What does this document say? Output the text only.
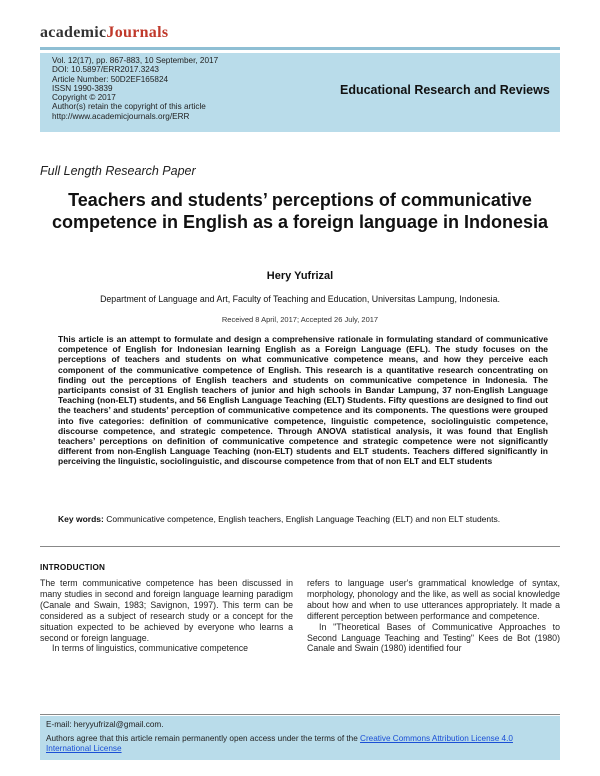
academicJournals
Vol. 12(17), pp. 867-883, 10 September, 2017
DOI: 10.5897/ERR2017.3243
Article Number: 50D2EF165824
ISSN 1990-3839
Copyright © 2017
Author(s) retain the copyright of this article
http://www.academicjournals.org/ERR
Educational Research and Reviews
Full Length Research Paper
Teachers and students’ perceptions of communicative competence in English as a foreign language in Indonesia
Hery Yufrizal
Department of Language and Art, Faculty of Teaching and Education, Universitas Lampung, Indonesia.
Received 8 April, 2017; Accepted 26 July, 2017
This article is an attempt to formulate and design a comprehensive rationale in formulating standard of communicative competence of English for Indonesian learning English as a Foreign Language (EFL). The study focuses on the perceptions of teachers and students on what communicative competence means, and how they perceive each component of the communicative competence of English. This research is a quantitative research concentrating on finding out the perceptions of English teachers and students on communicative competence in Indonesia. The participants consist of 31 English teachers of junior and high schools in Bandar Lampung, 37 non-English Language Teaching (non-ELT) students, and 56 English Language Teaching (ELT) Students. Fifty questions are designed to find out the teachers’ and students’ perception of communicative competence and its components. The questions were grouped into five categories: definition of communicative competence, linguistic competence, sociolinguistic competence, discourse competence, and strategic competence. Through ANOVA statistical analysis, it was found that English teachers’ perceptions on definition of communicative competence and strategic competence were not significantly different from non-English Language Teaching (non-ELT) students and ELT students. Teachers differed significantly in perceiving the linguistic, sociolinguistic, and discourse competence from that of non ELT and ELT students
Key words: Communicative competence, English teachers, English Language Teaching (ELT) and non ELT students.
INTRODUCTION
The term communicative competence has been discussed in many studies in second and foreign language learning paradigm (Canale and Swain, 1983; Savignon, 1997). This term can be considered as a subject of research study or a concept for the situation expected to be achieved by everyone who learns a second or foreign language.
In terms of linguistics, communicative competence
refers to language user's grammatical knowledge of syntax, morphology, phonology and the like, as well as social knowledge about how and when to use utterances appropriately. It made a different perception between performance and competence.
In "Theoretical Bases of Communicative Approaches to Second Language Teaching and Testing" Kees de Bot (1980) Canale and Swain (1980) identified four
E-mail: heryyufrizal@gmail.com.
Authors agree that this article remain permanently open access under the terms of the Creative Commons Attribution License 4.0 International License
